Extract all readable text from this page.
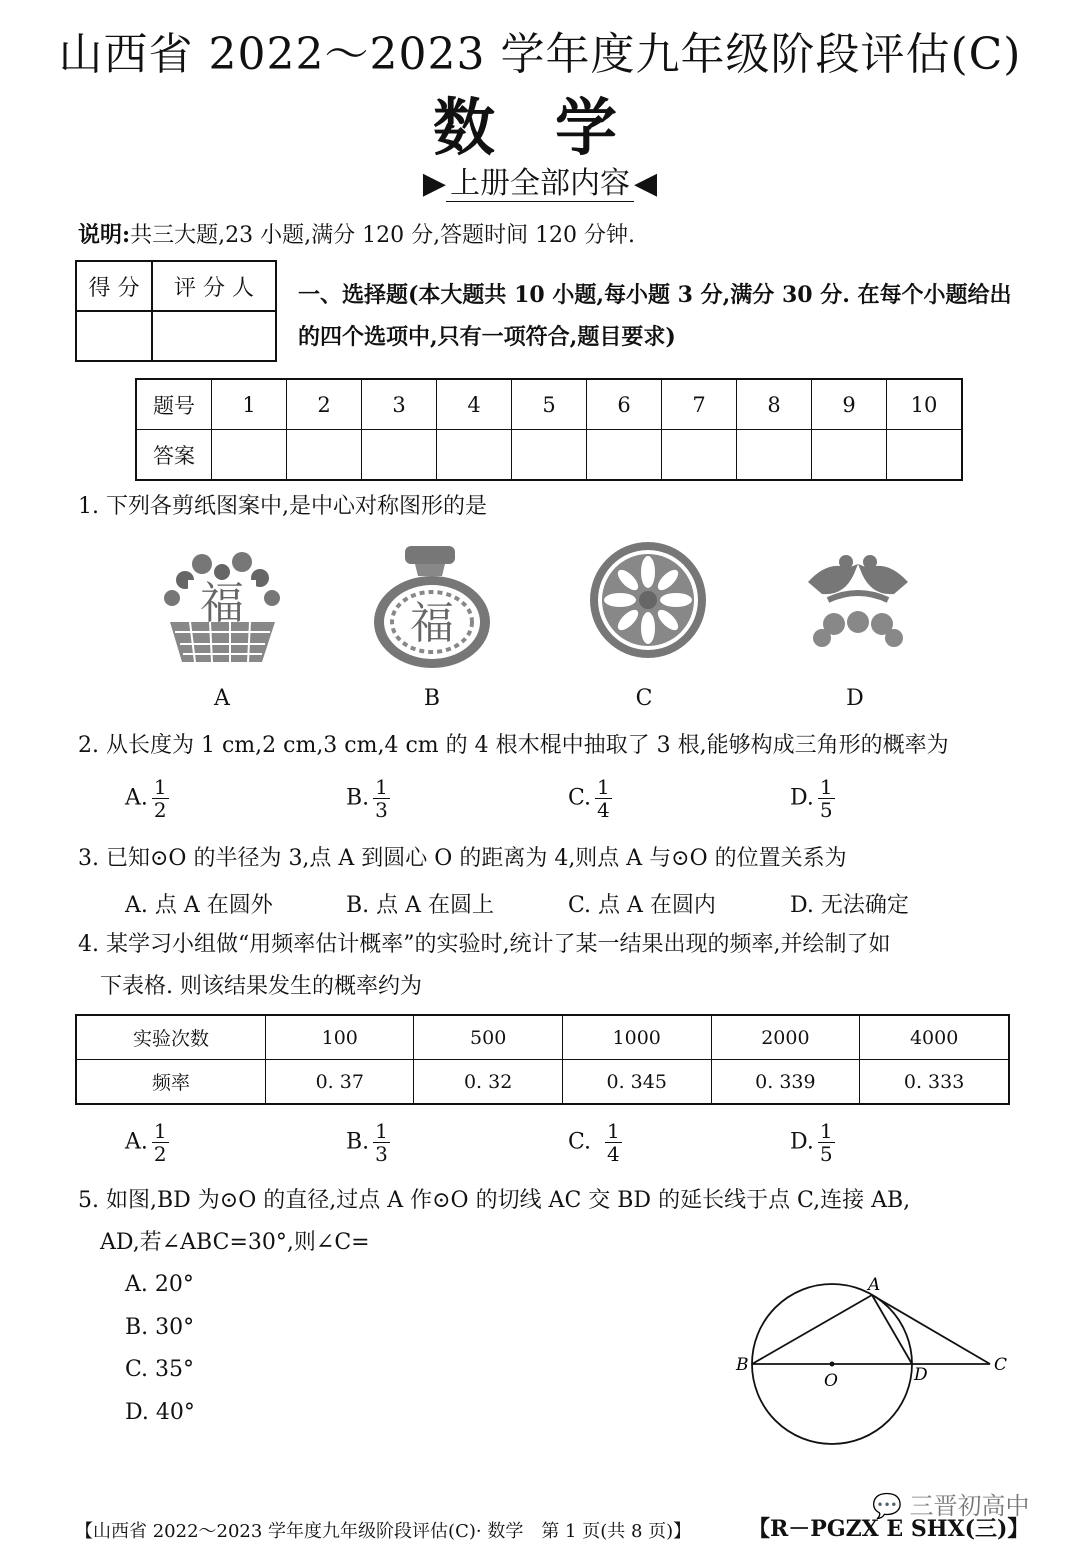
山西省 2022～2023 学年度九年级阶段评估(C)
数学
▶ 上册全部内容 ◀
说明:共三大题,23 小题,满分 120 分,答题时间 120 分钟.
得 分	评 分 人
	一、选择题(本大题共 10 小题,每小题 3 分,满分 30 分. 在每个小题给出的四个选项中,只有一项符合,题目要求)
题号	1	2	3	4	5	6	7	8	9	10
答案										
1. 下列各剪纸图案中,是中心对称图形的是
福	福
A	B	C	D
2. 从长度为 1 cm,2 cm,3 cm,4 cm 的 4 根木棍中抽取了 3 根,能够构成三角形的概率为
A. $\frac{1}{2}$	B. $\frac{1}{3}$	C. $\frac{1}{4}$	D. $\frac{1}{5}$
3. 已知⊙O 的半径为 3,点 A 到圆心 O 的距离为 4,则点 A 与⊙O 的位置关系为
A. 点 A 在圆外	B. 点 A 在圆上	C. 点 A 在圆内	D. 无法确定
4. 某学习小组做“用频率估计概率”的实验时,统计了某一结果出现的频率,并绘制了如
下表格. 则该结果发生的概率约为
实验次数	100	500	1000	2000	4000
频率	0. 37	0. 32	0. 345	0. 339	0. 333
A. $\frac{1}{2}$	B. $\frac{1}{3}$	C. $\frac{1}{4}$	D. $\frac{1}{5}$
5. 如图,BD 为⊙O 的直径,过点 A 作⊙O 的切线 AC 交 BD 的延长线于点 C,连接 AB,
AD,若∠ABC=30°,则∠C=
A. 20°
B. 30°
C. 35°
D. 40°
A
B
O	D	C
💬 三晋初高中
【山西省 2022～2023 学年度九年级阶段评估(C)· 数学　第 1 页(共 8 页)】	【R－PGZX E SHX(三)】
